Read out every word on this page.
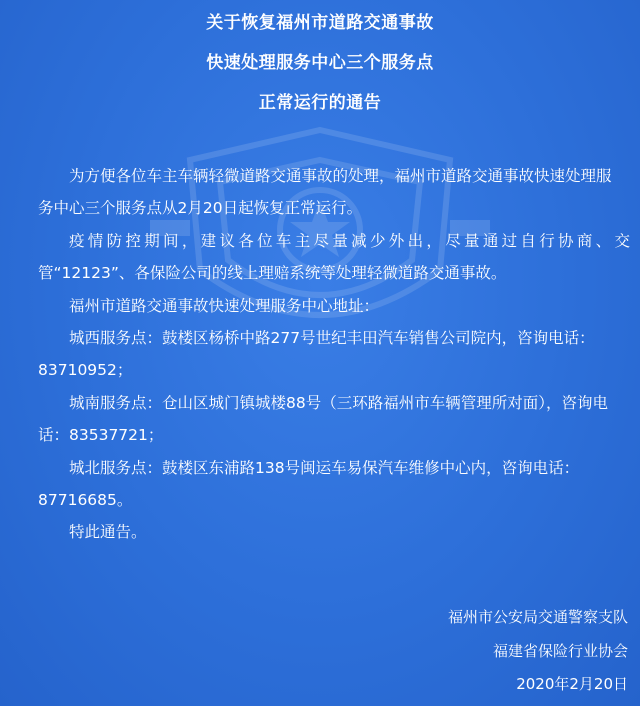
关于恢复福州市道路交通事故
快速处理服务中心三个服务点
正常运行的通告
为方便各位车主车辆轻微道路交通事故的处理，福州市道路交通事故快速处理服
务中心三个服务点从2月20日起恢复正常运行。
疫情防控期间，建议各位车主尽量减少外出，尽量通过自行协商、交
管“12123”、各保险公司的线上理赔系统等处理轻微道路交通事故。
福州市道路交通事故快速处理服务中心地址：
城西服务点：鼓楼区杨桥中路277号世纪丰田汽车销售公司院内，咨询电话：
83710952；
城南服务点：仓山区城门镇城楼88号（三环路福州市车辆管理所对面），咨询电
话：83537721；
城北服务点：鼓楼区东浦路138号闽运车易保汽车维修中心内，咨询电话：
87716685。
特此通告。
福州市公安局交通警察支队
福建省保险行业协会
2020年2月20日
